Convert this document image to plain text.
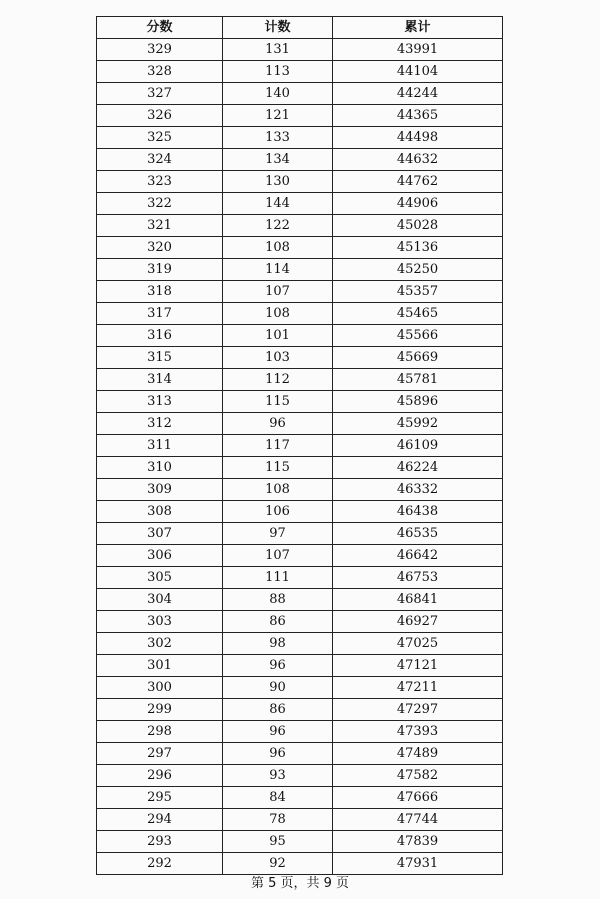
分数	计数	累计
329	131	43991
328	113	44104
327	140	44244
326	121	44365
325	133	44498
324	134	44632
323	130	44762
322	144	44906
321	122	45028
320	108	45136
319	114	45250
318	107	45357
317	108	45465
316	101	45566
315	103	45669
314	112	45781
313	115	45896
312	96	45992
311	117	46109
310	115	46224
309	108	46332
308	106	46438
307	97	46535
306	107	46642
305	111	46753
304	88	46841
303	86	46927
302	98	47025
301	96	47121
300	90	47211
299	86	47297
298	96	47393
297	96	47489
296	93	47582
295	84	47666
294	78	47744
293	95	47839
292	92	47931
第 5 页，共 9 页
